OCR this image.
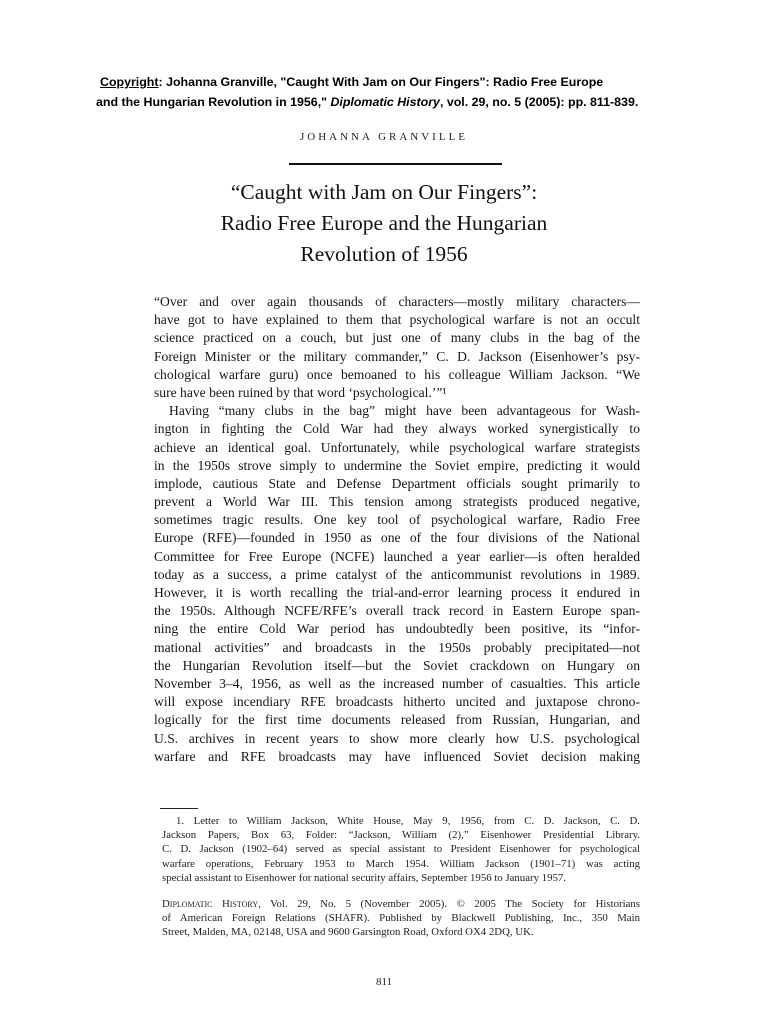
Copyright: Johanna Granville, "Caught With Jam on Our Fingers": Radio Free Europe
and the Hungarian Revolution in 1956," Diplomatic History, vol. 29, no. 5 (2005): pp. 811-839.
JOHANNA GRANVILLE
“Caught with Jam on Our Fingers”:
Radio Free Europe and the Hungarian
Revolution of 1956
“Over and over again thousands of characters—mostly military characters—
have got to have explained to them that psychological warfare is not an occult
science practiced on a couch, but just one of many clubs in the bag of the
Foreign Minister or the military commander,” C. D. Jackson (Eisenhower’s psy-
chological warfare guru) once bemoaned to his colleague William Jackson. “We
sure have been ruined by that word ‘psychological.’”¹
Having “many clubs in the bag” might have been advantageous for Wash-
ington in fighting the Cold War had they always worked synergistically to
achieve an identical goal. Unfortunately, while psychological warfare strategists
in the 1950s strove simply to undermine the Soviet empire, predicting it would
implode, cautious State and Defense Department officials sought primarily to
prevent a World War III. This tension among strategists produced negative,
sometimes tragic results. One key tool of psychological warfare, Radio Free
Europe (RFE)—founded in 1950 as one of the four divisions of the National
Committee for Free Europe (NCFE) launched a year earlier—is often heralded
today as a success, a prime catalyst of the anticommunist revolutions in 1989.
However, it is worth recalling the trial-and-error learning process it endured in
the 1950s. Although NCFE/RFE’s overall track record in Eastern Europe span-
ning the entire Cold War period has undoubtedly been positive, its “infor-
mational activities” and broadcasts in the 1950s probably precipitated—not
the Hungarian Revolution itself—but the Soviet crackdown on Hungary on
November 3–4, 1956, as well as the increased number of casualties. This article
will expose incendiary RFE broadcasts hitherto uncited and juxtapose chrono-
logically for the first time documents released from Russian, Hungarian, and
U.S. archives in recent years to show more clearly how U.S. psychological
warfare and RFE broadcasts may have influenced Soviet decision making
1. Letter to William Jackson, White House, May 9, 1956, from C. D. Jackson, C. D.
Jackson Papers, Box 63, Folder: “Jackson, William (2),” Eisenhower Presidential Library.
C. D. Jackson (1902–64) served as special assistant to President Eisenhower for psychological
warfare operations, February 1953 to March 1954. William Jackson (1901–71) was acting
special assistant to Eisenhower for national security affairs, September 1956 to January 1957.
Diplomatic History, Vol. 29, No. 5 (November 2005). © 2005 The Society for Historians
of American Foreign Relations (SHAFR). Published by Blackwell Publishing, Inc., 350 Main
Street, Malden, MA, 02148, USA and 9600 Garsington Road, Oxford OX4 2DQ, UK.
811
